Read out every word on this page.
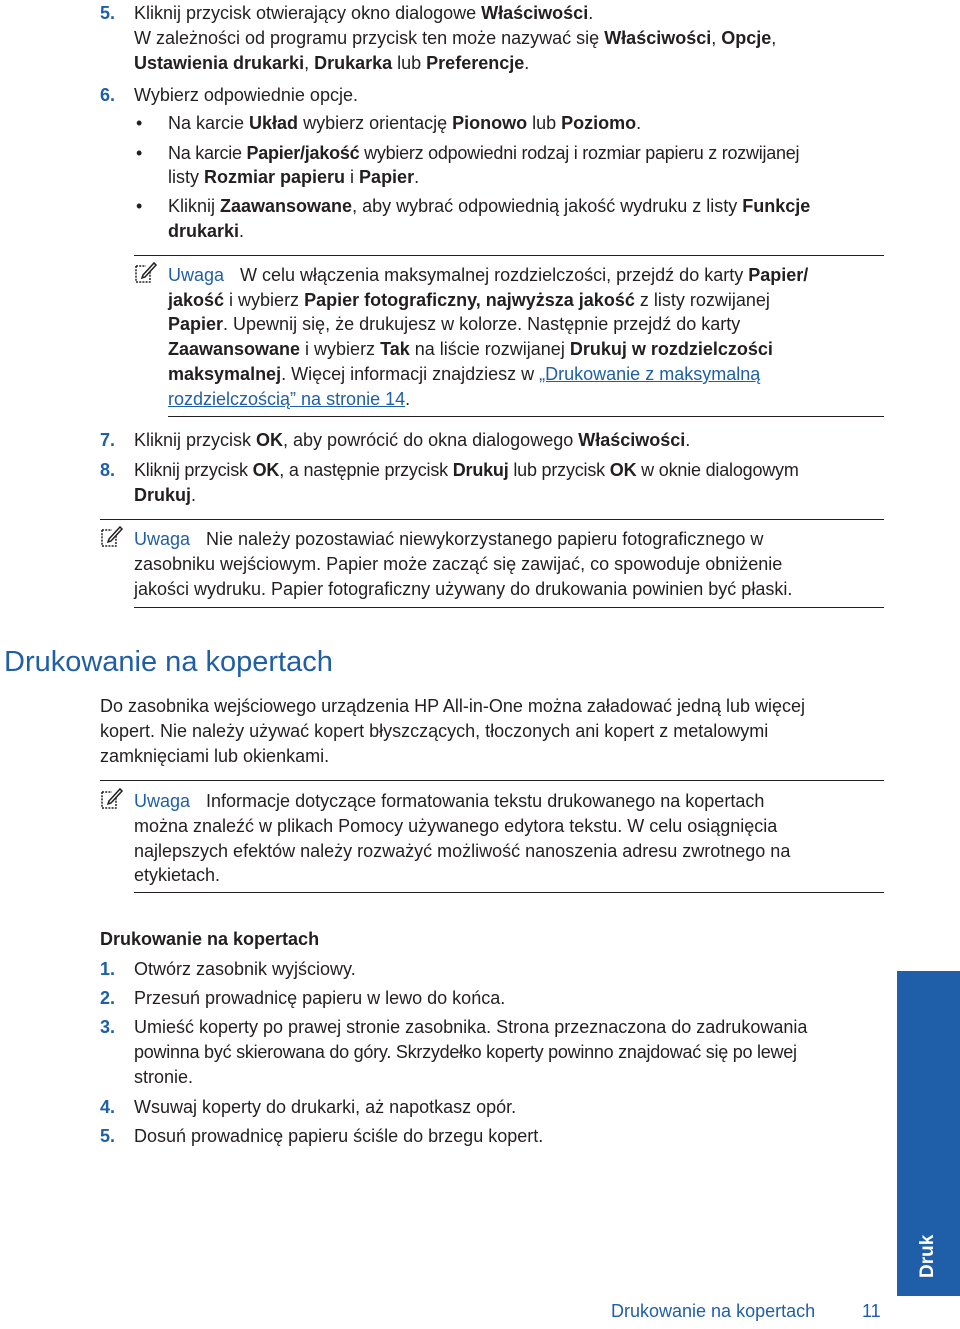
5. Kliknij przycisk otwierający okno dialogowe Właściwości.
W zależności od programu przycisk ten może nazywać się Właściwości, Opcje,
Ustawienia drukarki, Drukarka lub Preferencje.
6. Wybierz odpowiednie opcje.
• Na karcie Układ wybierz orientację Pionowo lub Poziomo.
• Na karcie Papier/jakość wybierz odpowiedni rodzaj i rozmiar papieru z rozwijanej
listy Rozmiar papieru i Papier.
• Kliknij Zaawansowane, aby wybrać odpowiednią jakość wydruku z listy Funkcje
drukarki.
Uwaga W celu włączenia maksymalnej rozdzielczości, przejdź do karty Papier/
jakość i wybierz Papier fotograficzny, najwyższa jakość z listy rozwijanej
Papier. Upewnij się, że drukujesz w kolorze. Następnie przejdź do karty
Zaawansowane i wybierz Tak na liście rozwijanej Drukuj w rozdzielczości
maksymalnej. Więcej informacji znajdziesz w „Drukowanie z maksymalną
rozdzielczością” na stronie 14.
7. Kliknij przycisk OK, aby powrócić do okna dialogowego Właściwości.
8. Kliknij przycisk OK, a następnie przycisk Drukuj lub przycisk OK w oknie dialogowym
Drukuj.
Uwaga Nie należy pozostawiać niewykorzystanego papieru fotograficznego w
zasobniku wejściowym. Papier może zacząć się zawijać, co spowoduje obniżenie
jakości wydruku. Papier fotograficzny używany do drukowania powinien być płaski.
Drukowanie na kopertach
Do zasobnika wejściowego urządzenia HP All-in-One można załadować jedną lub więcej
kopert. Nie należy używać kopert błyszczących, tłoczonych ani kopert z metalowymi
zamknięciami lub okienkami.
Uwaga Informacje dotyczące formatowania tekstu drukowanego na kopertach
można znaleźć w plikach Pomocy używanego edytora tekstu. W celu osiągnięcia
najlepszych efektów należy rozważyć możliwość nanoszenia adresu zwrotnego na
etykietach.
Drukowanie na kopertach
1. Otwórz zasobnik wyjściowy.
2. Przesuń prowadnicę papieru w lewo do końca.
3. Umieść koperty po prawej stronie zasobnika. Strona przeznaczona do zadrukowania
powinna być skierowana do góry. Skrzydełko koperty powinno znajdować się po lewej
stronie.
4. Wsuwaj koperty do drukarki, aż napotkasz opór.
5. Dosuń prowadnicę papieru ściśle do brzegu kopert.
Druk
Drukowanie na kopertach	11
